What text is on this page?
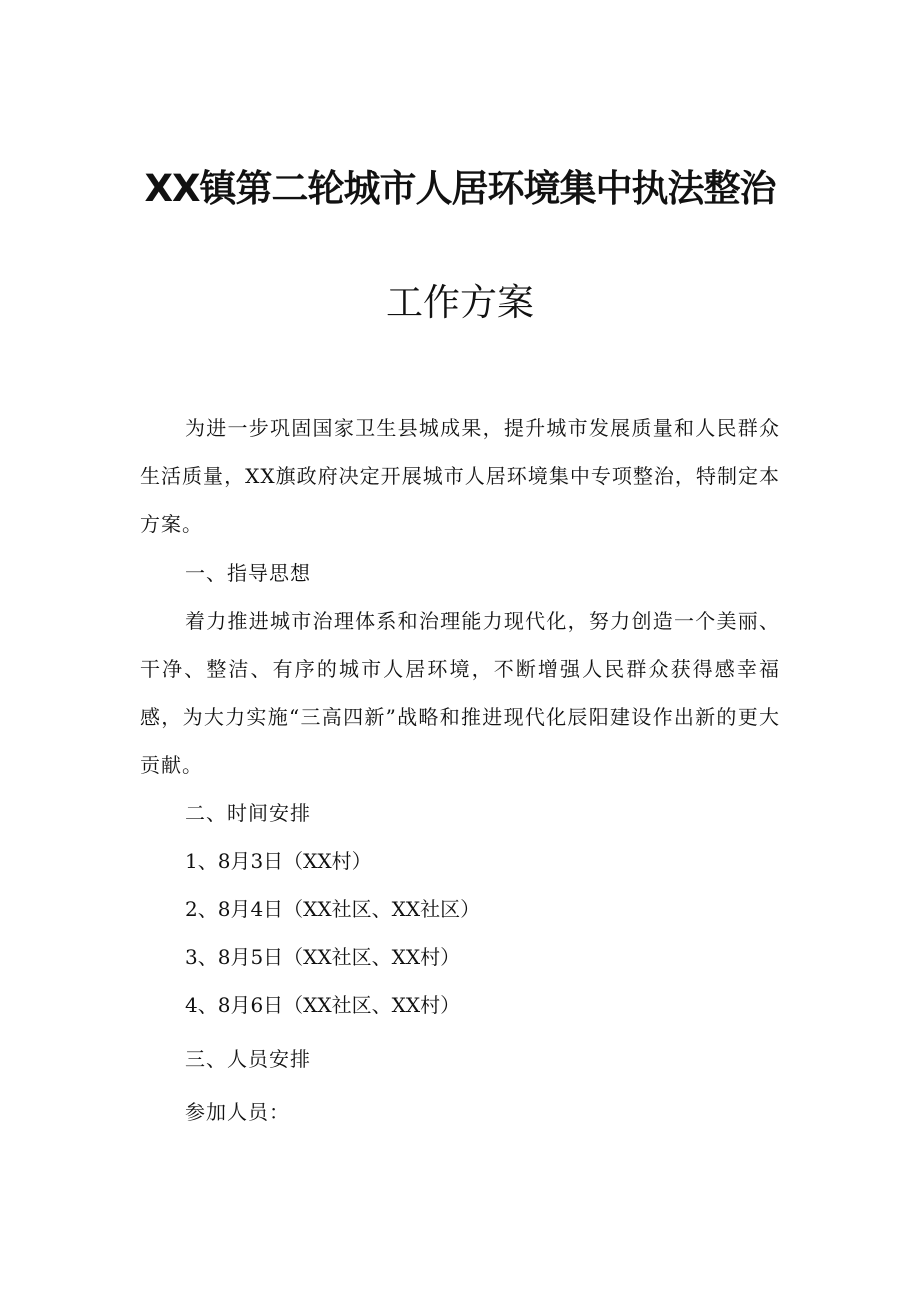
XX镇第二轮城市人居环境集中执法整治
工作方案
为进一步巩固国家卫生县城成果，提升城市发展质量和人民群众生活质量，XX旗政府决定开展城市人居环境集中专项整治，特制定本方案。
一、指导思想
着力推进城市治理体系和治理能力现代化，努力创造一个美丽、干净、整洁、有序的城市人居环境，不断增强人民群众获得感幸福感，为大力实施“三高四新”战略和推进现代化辰阳建设作出新的更大贡献。
二、时间安排
1、8月3日（XX村）
2、8月4日（XX社区、XX社区）
3、8月5日（XX社区、XX村）
4、8月6日（XX社区、XX村）
三、人员安排
参加人员：
